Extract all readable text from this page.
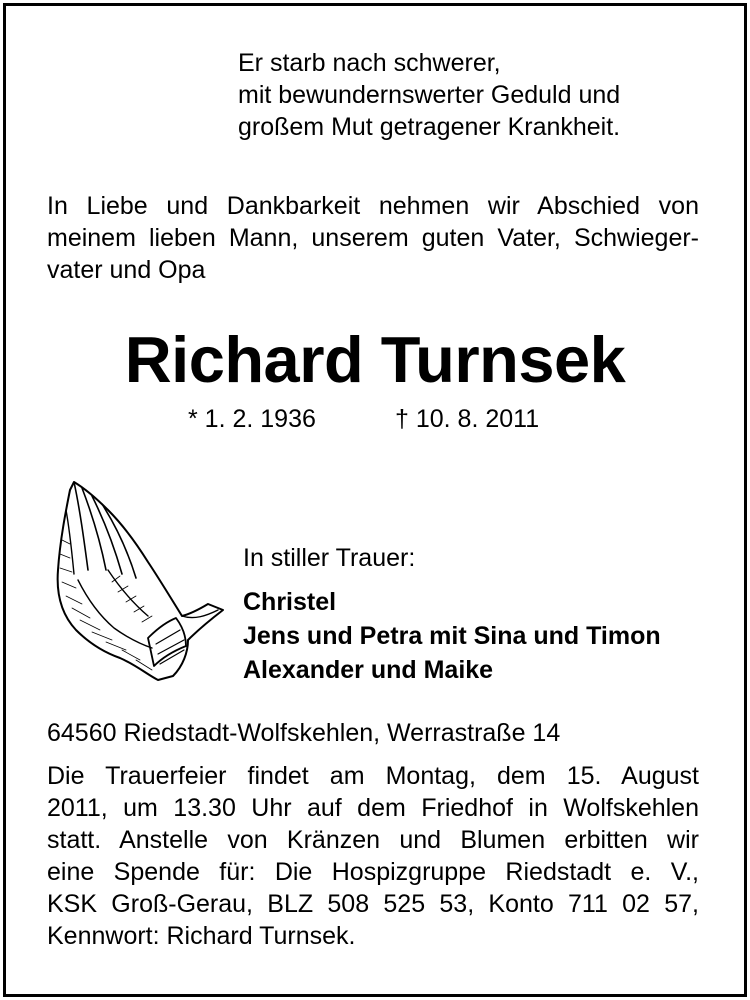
Er starb nach schwerer,
mit bewundernswerter Geduld und
großem Mut getragener Krankheit.
In Liebe und Dankbarkeit nehmen wir Abschied von
meinem lieben Mann, unserem guten Vater, Schwieger-
vater und Opa
Richard Turnsek
* 1. 2. 1936	† 10. 8. 2011
In stiller Trauer:
Christel
Jens und Petra mit Sina und Timon
Alexander und Maike
64560 Riedstadt-Wolfskehlen, Werrastraße 14
Die Trauerfeier findet am Montag, dem 15. August
2011, um 13.30 Uhr auf dem Friedhof in Wolfskehlen
statt. Anstelle von Kränzen und Blumen erbitten wir
eine Spende für: Die Hospizgruppe Riedstadt e. V.,
KSK Groß-Gerau, BLZ 508 525 53, Konto 711 02 57,
Kennwort: Richard Turnsek.
